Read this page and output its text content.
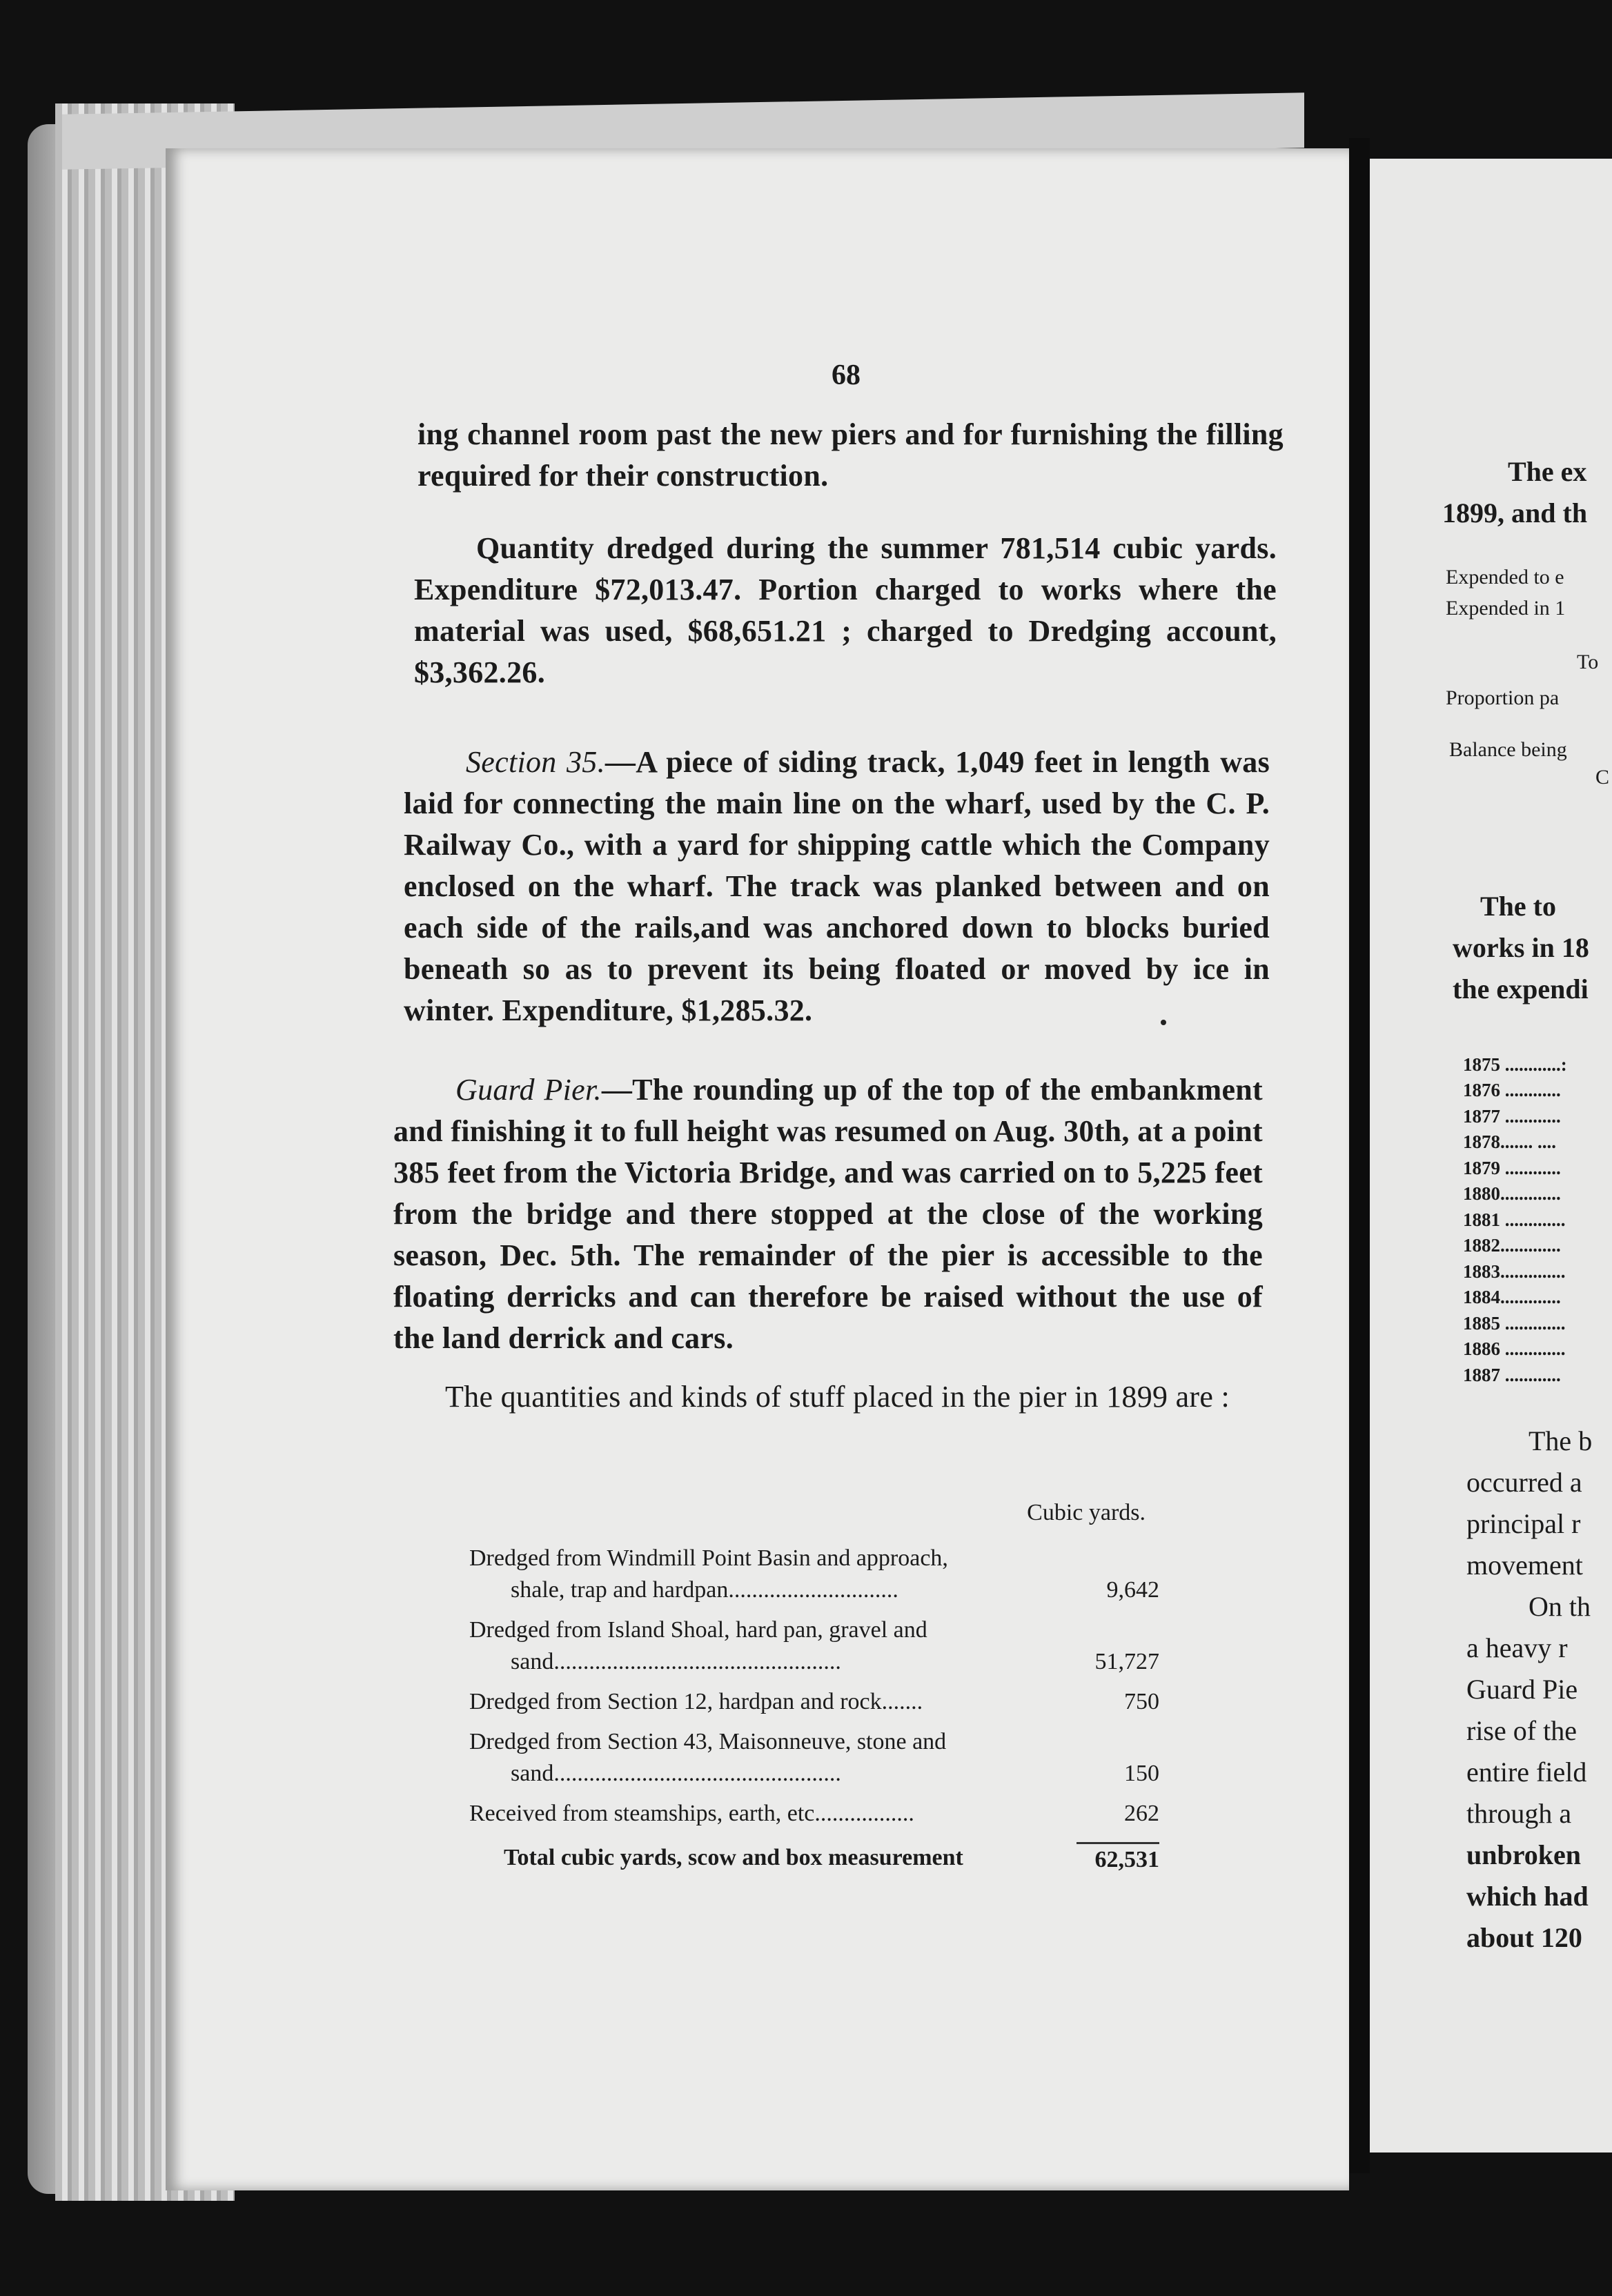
68
ing channel room past the new piers and for furnishing the filling required for their construction.
Quantity dredged during the summer 781,514 cubic yards. Expenditure $72,013.47. Portion charged to works where the material was used, $68,651.21 ; charged to Dredging account, $3,362.26.
Section 35.—A piece of siding track, 1,049 feet in length was laid for connecting the main line on the wharf, used by the C. P. Railway Co., with a yard for shipping cattle which the Company enclosed on the wharf. The track was planked between and on each side of the rails,and was anchored down to blocks buried beneath so as to prevent its being floated or moved by ice in winter. Expenditure, $1,285.32.
Guard Pier.—The rounding up of the top of the embankment and finishing it to full height was resumed on Aug. 30th, at a point 385 feet from the Victoria Bridge, and was carried on to 5,225 feet from the bridge and there stopped at the close of the working season, Dec. 5th. The remainder of the pier is accessible to the floating derricks and can therefore be raised without the use of the land derrick and cars.
The quantities and kinds of stuff placed in the pier in 1899 are :
Cubic yards.
Dredged from Windmill Point Basin and approach,
shale, trap and hardpan.............................	9,642
Dredged from Island Shoal, hard pan, gravel and
sand.................................................	51,727
Dredged from Section 12, hardpan and rock.......	750
Dredged from Section 43, Maisonneuve, stone and
sand.................................................	150
Received from steamships, earth, etc.................	262
Total cubic yards, scow and box measurement	62,531
The ex
1899, and th
Expended to e
Expended in 1
To
Proportion pa
Balance being
C
The to
works in 18
the expendi
1875 ............:
1876 ............
1877 ............
1878....... ....
1879 ............
1880.............
1881 .............
1882.............
1883..............
1884.............
1885 .............
1886 .............
1887 ............
The b
occurred a
principal r
movement
On th
a heavy r
Guard Pie
rise of the
entire field
through a
unbroken
which had
about 120
